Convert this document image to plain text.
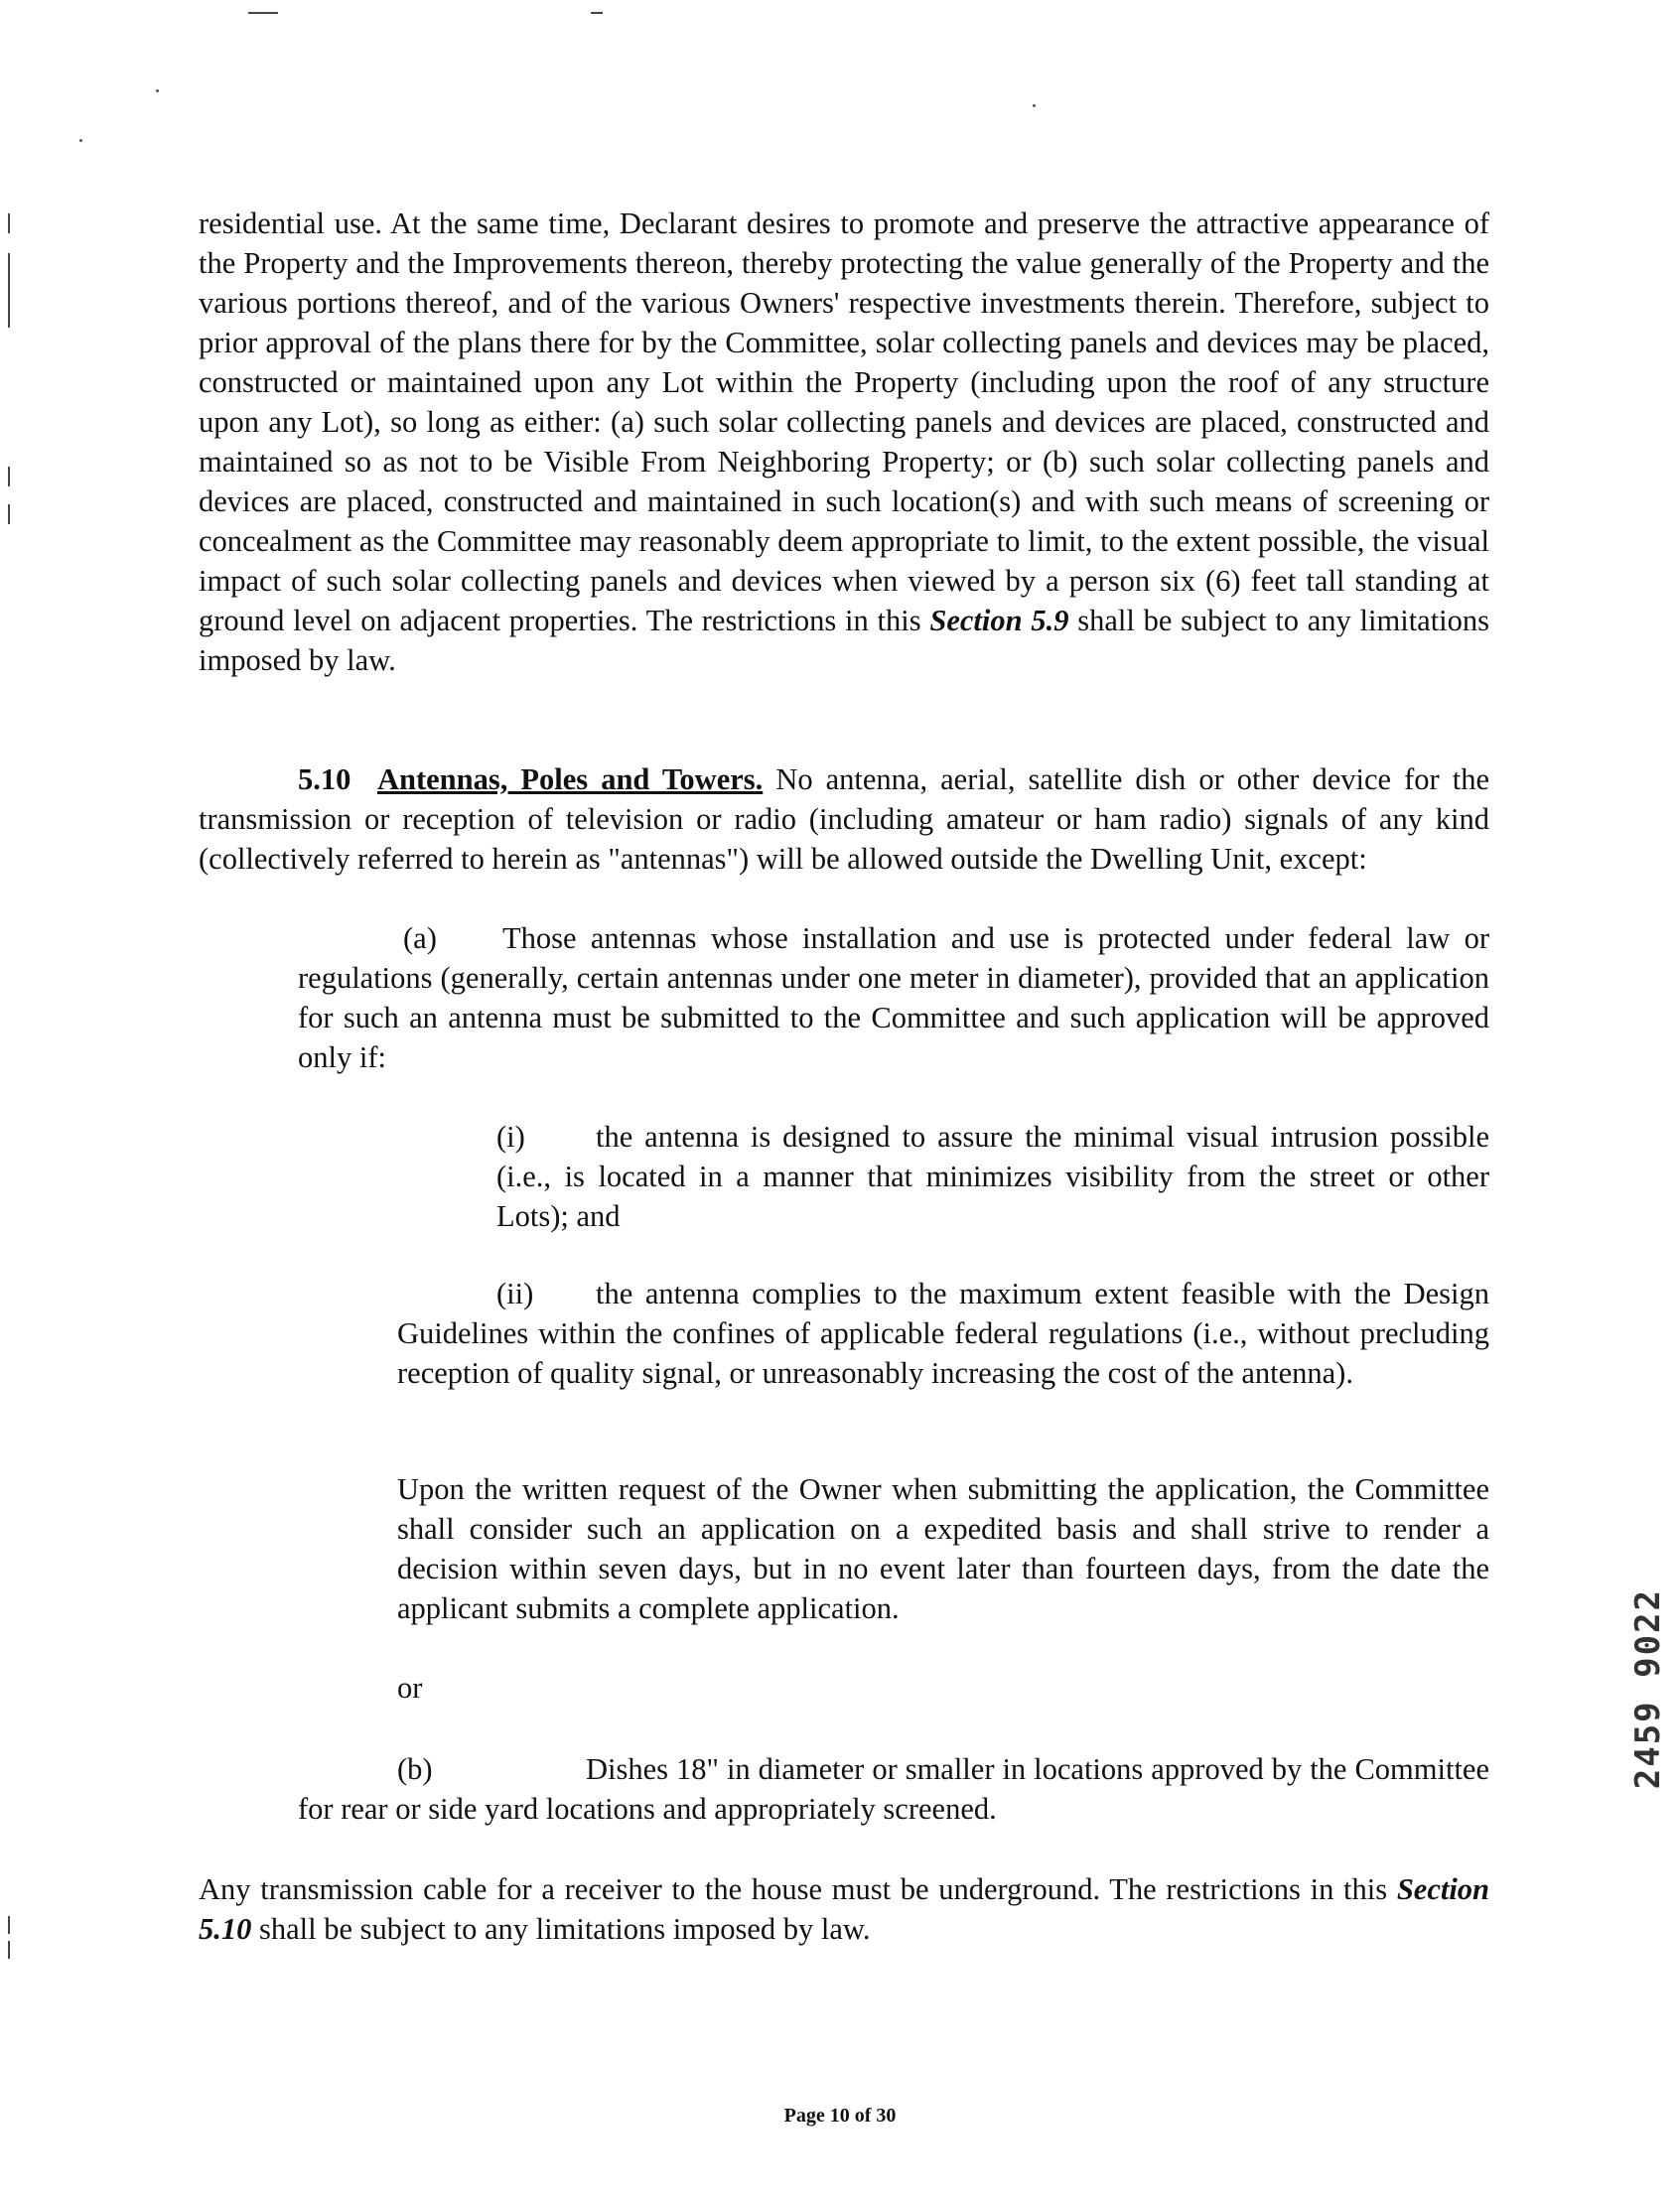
residential use. At the same time, Declarant desires to promote and preserve the attractive appearance of the Property and the Improvements thereon, thereby protecting the value generally of the Property and the various portions thereof, and of the various Owners' respective investments therein. Therefore, subject to prior approval of the plans there for by the Committee, solar collecting panels and devices may be placed, constructed or maintained upon any Lot within the Property (including upon the roof of any structure upon any Lot), so long as either: (a) such solar collecting panels and devices are placed, constructed and maintained so as not to be Visible From Neighboring Property; or (b) such solar collecting panels and devices are placed, constructed and maintained in such location(s) and with such means of screening or concealment as the Committee may reasonably deem appropriate to limit, to the extent possible, the visual impact of such solar collecting panels and devices when viewed by a person six (6) feet tall standing at ground level on adjacent properties. The restrictions in this Section 5.9 shall be subject to any limitations imposed by law.

5.10 Antennas, Poles and Towers. No antenna, aerial, satellite dish or other device for the transmission or reception of television or radio (including amateur or ham radio) signals of any kind (collectively referred to herein as "antennas") will be allowed outside the Dwelling Unit, except:

(a) Those antennas whose installation and use is protected under federal law or regulations (generally, certain antennas under one meter in diameter), provided that an application for such an antenna must be submitted to the Committee and such application will be approved only if:

(i) the antenna is designed to assure the minimal visual intrusion possible (i.e., is located in a manner that minimizes visibility from the street or other Lots); and

(ii) the antenna complies to the maximum extent feasible with the Design Guidelines within the confines of applicable federal regulations (i.e., without precluding reception of quality signal, or unreasonably increasing the cost of the antenna).

Upon the written request of the Owner when submitting the application, the Committee shall consider such an application on a expedited basis and shall strive to render a decision within seven days, but in no event later than fourteen days, from the date the applicant submits a complete application.

or

(b)	Dishes 18" in diameter or smaller in locations approved by the Committee for rear or side yard locations and appropriately screened.

Any transmission cable for a receiver to the house must be underground. The restrictions in this Section 5.10 shall be subject to any limitations imposed by law.

2459 9022
Page 10 of 30
